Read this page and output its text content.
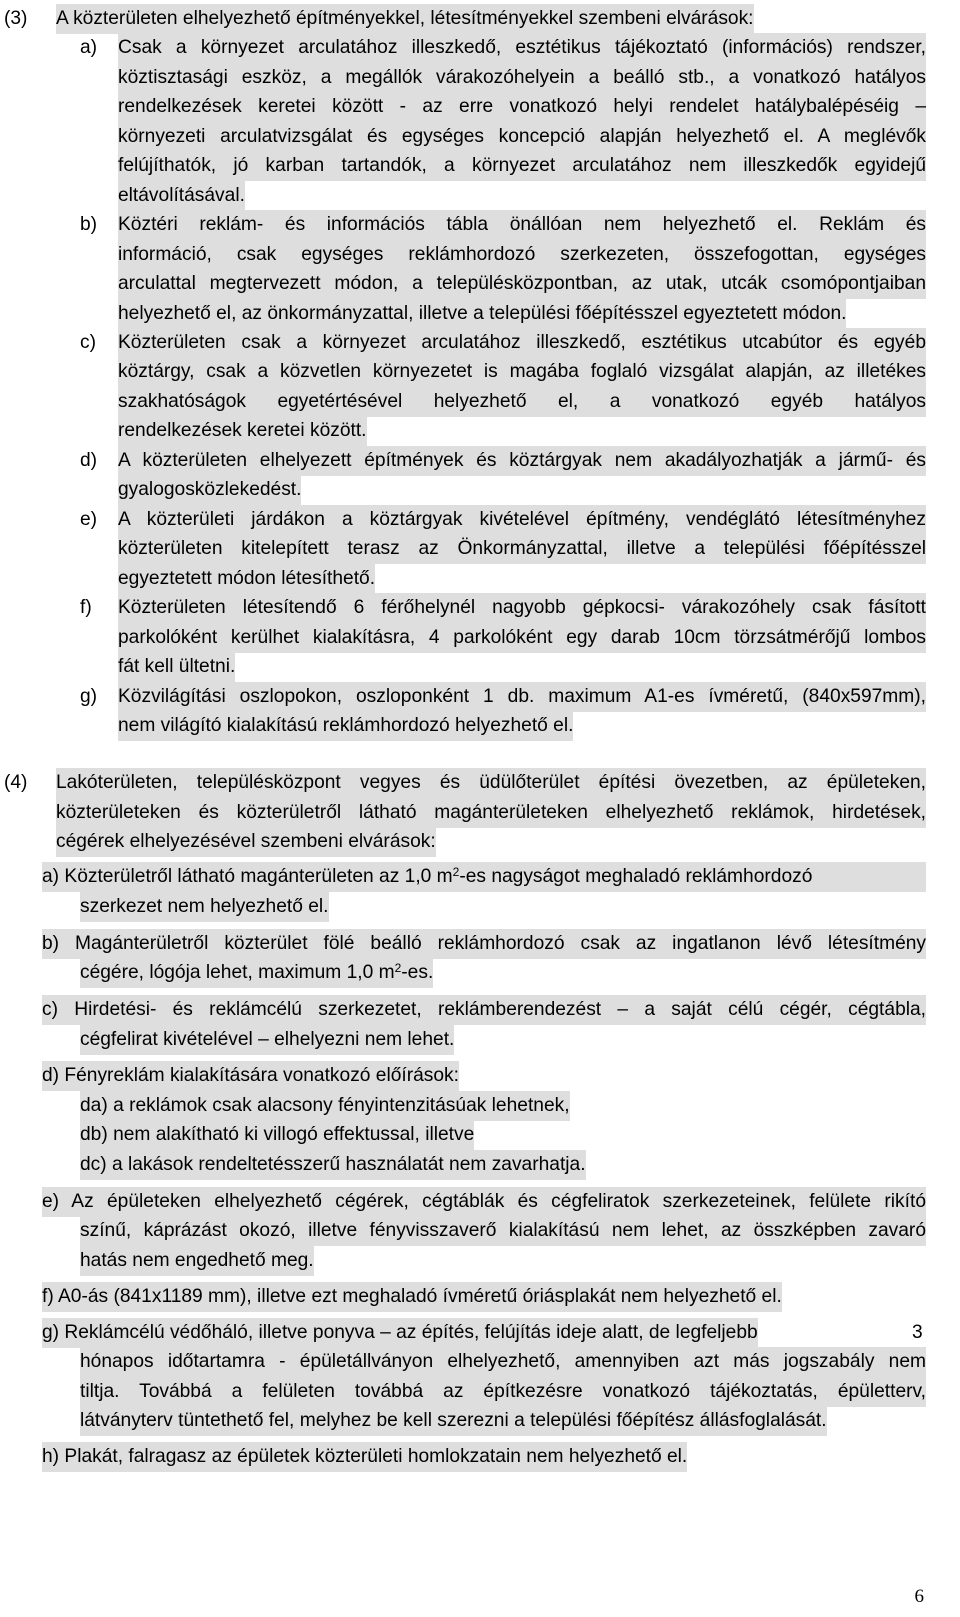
(3) A közterületen elhelyezhető építményekkel, létesítményekkel szembeni elvárások:
a) Csak a környezet arculatához illeszkedő, esztétikus tájékoztató (információs) rendszer,
köztisztasági eszköz, a megállók várakozóhelyein a beálló stb., a vonatkozó hatályos
rendelkezések keretei között - az erre vonatkozó helyi rendelet hatálybalépéséig –
környezeti arculatvizsgálat és egységes koncepció alapján helyezhető el. A meglévők
felújíthatók, jó karban tartandók, a környezet arculatához nem illeszkedők egyidejű
eltávolításával.
b) Köztéri reklám- és információs tábla önállóan nem helyezhető el. Reklám és
információ, csak egységes reklámhordozó szerkezeten, összefogottan, egységes
arculattal megtervezett módon, a településközpontban, az utak, utcák csomópontjaiban
helyezhető el, az önkormányzattal, illetve a települési főépítésszel egyeztetett módon.
c) Közterületen csak a környezet arculatához illeszkedő, esztétikus utcabútor és egyéb
köztárgy, csak a közvetlen környezetet is magába foglaló vizsgálat alapján, az illetékes
szakhatóságok egyetértésével helyezhető el, a vonatkozó egyéb hatályos
rendelkezések keretei között.
d) A közterületen elhelyezett építmények és köztárgyak nem akadályozhatják a jármű- és
gyalogosközlekedést.
e) A közterületi járdákon a köztárgyak kivételével építmény, vendéglátó létesítményhez
közterületen kitelepített terasz az Önkormányzattal, illetve a települési főépítésszel
egyeztetett módon létesíthető.
f) Közterületen létesítendő 6 férőhelynél nagyobb gépkocsi- várakozóhely csak fásított
parkolóként kerülhet kialakításra, 4 parkolóként egy darab 10cm törzsátmérőjű lombos
fát kell ültetni.
g) Közvilágítási oszlopokon, oszloponként 1 db. maximum A1-es ívméretű, (840x597mm),
nem világító kialakítású reklámhordozó helyezhető el.
(4) Lakóterületen, településközpont vegyes és üdülőterület építési övezetben, az épületeken,
közterületeken és közterületről látható magánterületeken elhelyezhető reklámok, hirdetések,
cégérek elhelyezésével szembeni elvárások:
a) Közterületről látható magánterületen az 1,0 $m^2-es$ nagyságot meghaladó reklámhordozó
szerkezet nem helyezhető el.
b) Magánterületről közterület fölé beálló reklámhordozó csak az ingatlanon lévő létesítmény
cégére, lógója lehet, maximum 1,0 $m^2-es$.
c) Hirdetési- és reklámcélú szerkezetet, reklámberendezést – a saját célú cégér, cégtábla,
cégfelirat kivételével – elhelyezni nem lehet.
d) Fényreklám kialakítására vonatkozó előírások:
da) a reklámok csak alacsony fényintenzitásúak lehetnek,
db) nem alakítható ki villogó effektussal, illetve
dc) a lakások rendeltetésszerű használatát nem zavarhatja.
e) Az épületeken elhelyezhető cégérek, cégtáblák és cégfeliratok szerkezeteinek, felülete rikító
színű, káprázást okozó, illetve fényvisszaverő kialakítású nem lehet, az összképben zavaró
hatás nem engedhető meg.
f) A0-ás (841x1189 mm), illetve ezt meghaladó ívméretű óriásplakát nem helyezhető el.
g) Reklámcélú védőháló, illetve ponyva – az építés, felújítás ideje alatt, de legfeljebb	3
hónapos időtartamra - épületállványon elhelyezhető, amennyiben azt más jogszabály nem
tiltja. Továbbá a felületen továbbá az építkezésre vonatkozó tájékoztatás, épületterv,
látványterv tüntethető fel, melyhez be kell szerezni a települési főépítész állásfoglalását.
h) Plakát, falragasz az épületek közterületi homlokzatain nem helyezhető el.
6
